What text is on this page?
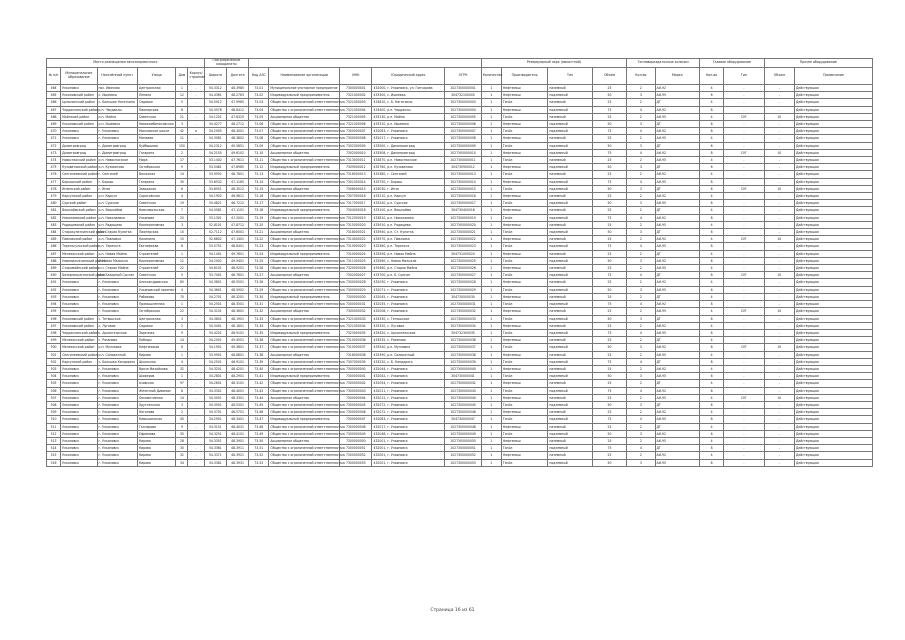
Место размещения автозаправочного						Географические координаты							Резервуарный парк (емкостной)				Топливораздаточные колонки		Газовое оборудование		Прочее оборудование	
№ п/п	Муниципальное образование	Населённый пункт	Улица	Дом	Корпус/строение	Широта	Долгота	Код АЗС	Наименование организации	ИНН	Юридический адрес	ОГРН	Количество	Производитель	Тип	Объем	Кол-во	Марка	Кол-во	Тип	Объем	Примечание
464	Ульяновск	пос. Иваново	Центральная	1	-	54.3312	48.3985	73-01	Муниципальное унитарное предприятие	7300000001	432000, г. Ульяновск, ул. Гончарова	1027300000001	1	Нефтемаш	наземный	25	2	АИ-92	4	-	-	Действующая
465	Ульяновский район	с. Ишеевка	Ленина	12	-	54.4361	48.2763	73-02	Индивидуальный предприниматель	7321000002	433300, с. Ишеевка	304732100000	1	Нефтемаш	подземный	50	3	АИ-95	6	-	-	Действующая
466	Цильнинский район	с. Большое Нагаткино	Садовая	5	-	54.5012	47.9985	73-03	Общество с ограниченной ответственностью	7321000003	433610, с. Б. Нагаткино	1027300000003	1	ТопАз	наземный	25	2	ДТ	4	-	-	Действующая
467	Чердаклинский район	р.п. Чердаклы	Пионерская	8	-	54.3578	48.8412	73-04	Общество с ограниченной ответственностью	7321000004	433400, р.п. Чердаклы	1027300000004	1	Нефтемаш	подземный	75	4	АИ-92	8	-	-	Действующая
468	Майнский район	р.п. Майна	Советская	21	-	54.1201	47.6325	73-05	Акционерное общество	7321000005	433130, р.п. Майна	1027300000005	1	ТопАз	наземный	25	2	АИ-95	4	СУГ	10	Действующая
469	Ульяновский район	р.п. Ишеевка	Новокомбинатовская	3	-	54.4277	48.2712	73-06	Общество с ограниченной ответственностью	7321000006	433310, р.п. Ишеевка	1027300000006	1	Нефтемаш	подземный	50	3	ДТ	6	-	-	Действующая
470	Ульяновск	г. Ульяновск	Московское шоссе	42	а	54.2905	48.3001	73-07	Общество с ограниченной ответственностью	7300000007	432063, г. Ульяновск	1027300000007	1	ТопАз	подземный	75	4	АИ-92	8	-	-	Действующая
471	Ульяновск	г. Ульяновск	Минаева	11	-	54.3081	48.3802	73-08	Общество с ограниченной ответственностью	7300000008	432017, г. Ульяновск	1027300000008	1	Нефтемаш	наземный	25	2	АИ-95	4	-	-	Действующая
472	Димитровград	г. Димитровград	Куйбышева	150	-	54.2312	49.5851	73-09	Общество с ограниченной ответственностью	7302000009	433500, г. Димитровград	1027300000009	1	ТопАз	подземный	50	3	ДТ	6	-	-	Действующая
473	Димитровград	г. Димитровград	Гагарина	2	-	54.2155	49.6102	73-10	Акционерное общество	7302000010	433508, г. Димитровград	1027300000010	1	Нефтемаш	подземный	75	4	АИ-92	8	СУГ	10	Действующая
474	Новоспасский район	р.п. Новоспасское	Мира	17	-	53.1402	47.7611	73-11	Общество с ограниченной ответственностью	7313000011	433870, р.п. Новоспасское	1027300000011	1	ТопАз	наземный	25	2	АИ-95	4	-	-	Действующая
475	Кузоватовский район	р.п. Кузоватово	Октябрьская	9	-	53.5481	47.6985	73-12	Индивидуальный предприниматель	7309000012	433760, р.п. Кузоватово	304730900012	1	Нефтемаш	подземный	50	3	ДТ	6	-	-	Действующая
476	Сенгилеевский район	г. Сенгилей	Волжская	14	-	53.9592	48.7801	73-13	Общество с ограниченной ответственностью	7316000013	433380, г. Сенгилей	1027300000013	1	ТопАз	наземный	25	2	АИ-92	4	-	-	Действующая
477	Барышский район	г. Барыш	Гагарина	30	-	53.6532	47.1185	73-14	Общество с ограниченной ответственностью	7301000014	433750, г. Барыш	1027300000014	1	Нефтемаш	подземный	75	4	АИ-95	8	-	-	Действующая
478	Инзенский район	г. Инза	Заводская	6	-	53.8551	46.3512	73-15	Акционерное общество	7306000015	433030, г. Инза	1027300000015	1	ТопАз	подземный	50	3	ДТ	6	СУГ	10	Действующая
479	Карсунский район	р.п. Карсун	Саратовская	4	-	54.1902	46.9811	73-16	Общество с ограниченной ответственностью	7307000016	433210, р.п. Карсун	1027300000016	1	Нефтемаш	наземный	25	2	АИ-92	4	-	-	Действующая
480	Сурский район	р.п. Сурское	Советская	19	-	54.4821	46.7212	73-17	Общество с ограниченной ответственностью	7317000017	433240, р.п. Сурское	1027300000017	1	ТопАз	подземный	50	3	АИ-95	6	-	-	Действующая
481	Вешкаймский район	р.п. Вешкайма	Комсомольская	7	-	54.0581	47.1101	73-18	Индивидуальный предприниматель	7304000018	433100, р.п. Вешкайма	304730400018	1	Нефтемаш	наземный	25	2	ДТ	4	-	-	Действующая
482	Николаевский район	р.п. Николаевка	Ульянова	25	-	53.1301	47.2001	73-19	Общество с ограниченной ответственностью	7312000019	433810, р.п. Николаевка	1027300000019	1	ТопАз	подземный	75	4	АИ-92	8	-	-	Действующая
483	Радищевский район	р.п. Радищево	Кооперативная	3	-	52.8101	47.8712	73-20	Общество с ограниченной ответственностью	7315000020	433910, р.п. Радищево	1027300000020	1	Нефтемаш	наземный	25	2	АИ-95	4	-	-	Действующая
484	Старокулаткинский район	р.п. Старая Кулатка	Пионерская	10	-	52.7112	47.6001	73-21	Акционерное общество	7318000021	433940, р.п. Ст. Кулатка	1027300000021	1	ТопАз	подземный	50	3	ДТ	6	-	-	Действующая
485	Павловский район	р.п. Павловка	Калинина	15	-	52.6802	47.1401	73-22	Общество с ограниченной ответственностью	7314000022	433970, р.п. Павловка	1027300000022	1	Нефтемаш	наземный	25	2	АИ-92	4	СУГ	10	Действующая
486	Тереньгульский район	р.п. Тереньга	Евстифеева	8	-	53.5751	48.8401	73-23	Общество с ограниченной ответственностью	7319000023	433360, р.п. Тереньга	1027300000023	1	ТопАз	подземный	75	4	АИ-95	8	-	-	Действующая
487	Мелекесский район	р.п. Новая Майна	Строителей	1	-	54.1401	49.7601	73-24	Индивидуальный предприниматель	7310000024	433556, р.п. Новая Майна	304731000024	1	Нефтемаш	наземный	25	2	ДТ	4	-	-	Действующая
488	Новомалыклинский район	с. Новая Малыкла	Кооперативная	12	-	54.2002	49.9401	73-25	Общество с ограниченной ответственностью	7311000025	433560, с. Новая Малыкла	1027300000025	1	ТопАз	подземный	50	3	АИ-92	6	-	-	Действующая
489	Старомайнский район	р.п. Старая Майна	Строителей	22	-	54.6101	48.9201	73-26	Общество с ограниченной ответственностью	7320000026	433460, р.п. Старая Майна	1027300000026	1	Нефтемаш	наземный	25	2	АИ-95	4	-	-	Действующая
490	Базарносызганский район	р.п. Базарный Сызган	Советская	5	-	53.7401	46.7601	73-27	Акционерное общество	7302000027	433700, р.п. Б. Сызган	1027300000027	1	ТопАз	подземный	75	4	ДТ	8	СУГ	10	Действующая
491	Ульяновск	г. Ульяновск	Александровская	60	-	54.3801	48.5501	73-28	Общество с ограниченной ответственностью	7300000028	432030, г. Ульяновск	1027300000028	1	Нефтемаш	наземный	25	2	АИ-92	4	-	-	Действующая
492	Ульяновск	г. Ульяновск	Ульяновский проспект	4	-	54.3601	48.5902	73-29	Общество с ограниченной ответственностью	7300000029	432071, г. Ульяновск	1027300000029	1	ТопАз	подземный	50	3	АИ-95	6	-	-	Действующая
493	Ульяновск	г. Ульяновск	Рябикова	70	-	54.2701	48.3201	73-30	Индивидуальный предприниматель	7300000030	432045, г. Ульяновск	304730000030	1	Нефтемаш	наземный	25	2	ДТ	4	-	-	Действующая
494	Ульяновск	г. Ульяновск	Промышленная	1	-	54.2501	48.3501	73-31	Общество с ограниченной ответственностью	7300000031	432035, г. Ульяновск	1027300000031	1	ТопАз	подземный	75	4	АИ-92	8	-	-	Действующая
495	Ульяновск	г. Ульяновск	Октябрьская	22	-	54.3101	48.3601	73-32	Акционерное общество	7300000032	432008, г. Ульяновск	1027300000032	1	Нефтемаш	наземный	25	2	АИ-95	4	СУГ	10	Действующая
496	Ульяновский район	с. Тетюшское	Центральная	3	-	54.3601	48.1901	73-33	Общество с ограниченной ответственностью	7321000033	433330, с. Тетюшское	1027300000033	1	ТопАз	подземный	50	3	ДТ	6	-	-	Действующая
497	Ульяновский район	с. Луговое	Садовая	2	-	54.3401	48.1601	73-34	Общество с ограниченной ответственностью	7321000034	433320, с. Луговое	1027300000034	1	Нефтемаш	наземный	25	2	АИ-92	4	-	-	Действующая
498	Чердаклинский район	с. Архангельское	Заречная	9	-	54.4201	48.9101	73-35	Индивидуальный предприниматель	7323000035	433420, с. Архангельское	304732300035	1	ТопАз	подземный	75	4	АИ-95	8	-	-	Действующая
499	Мелекесский район	с. Рязаново	Победы	14	-	54.2001	49.4501	73-36	Общество с ограниченной ответственностью	7310000036	433535, с. Рязаново	1027300000036	1	Нефтемаш	наземный	25	2	ДТ	4	-	-	Действующая
500	Мелекесский район	р.п. Мулловка	Нефтяников	6	-	54.1901	49.3801	73-37	Общество с ограниченной ответственностью	7310000037	433540, р.п. Мулловка	1027300000037	1	ТопАз	подземный	50	3	АИ-92	6	СУГ	10	Действующая
501	Сенгилеевский район	р.п. Силикатный	Кирова	1	-	53.9901	48.6801	73-38	Акционерное общество	7316000038	433390, р.п. Силикатный	1027300000038	1	Нефтемаш	наземный	25	2	АИ-95	4	-	-	Действующая
502	Карсунский район	с. Большая Кандарать	Школьная	4	-	54.2501	46.9101	73-39	Общество с ограниченной ответственностью	7307000039	433220, с. Б. Кандарать	1027300000039	1	ТопАз	подземный	75	4	ДТ	8	-	-	Действующая
503	Ульяновск	г. Ульяновск	Врача Михайлова	32	-	54.3201	48.4201	73-40	Общество с ограниченной ответственностью	7300000040	432044, г. Ульяновск	1027300000040	1	Нефтемаш	наземный	25	2	АИ-92	4	-	-	Действующая
504	Ульяновск	г. Ульяновск	Шоферов	1	-	54.2801	48.2901	73-41	Индивидуальный предприниматель	7300000041	432042, г. Ульяновск	304730000041	1	ТопАз	подземный	50	3	АИ-95	6	-	-	Действующая
505	Ульяновск	г. Ульяновск	Азовская	97	-	54.2601	48.3101	73-42	Общество с ограниченной ответственностью	7300000042	432054, г. Ульяновск	1027300000042	1	Нефтемаш	наземный	25	2	ДТ	4	-	-	Действующая
506	Ульяновск	г. Ульяновск	Железной Дивизии	8	-	54.3301	48.4001	73-43	Общество с ограниченной ответственностью	7300000043	432011, г. Ульяновск	1027300000043	1	ТопАз	подземный	75	4	АИ-92	8	-	-	Действующая
507	Ульяновск	г. Ульяновск	Локомотивная	14	-	54.3001	48.3301	73-44	Акционерное общество	7300000044	432012, г. Ульяновск	1027300000044	1	Нефтемаш	наземный	25	2	АИ-95	4	СУГ	10	Действующая
508	Ульяновск	г. Ульяновск	Хрустальная	3	-	54.3501	48.5301	73-45	Общество с ограниченной ответственностью	7300000045	432072, г. Ульяновск	1027300000045	1	ТопАз	подземный	50	3	ДТ	6	-	-	Действующая
509	Ульяновск	г. Ульяновск	Наганова	2	-	54.3701	48.5701	73-46	Общество с ограниченной ответственностью	7300000046	432072, г. Ульяновск	1027300000046	1	Нефтемаш	наземный	25	2	АИ-92	4	-	-	Действующая
510	Ульяновск	г. Ульяновск	Камышинская	45	-	54.2901	48.3401	73-47	Индивидуальный предприниматель	7300000047	432063, г. Ульяновск	304730000047	1	ТопАз	подземный	75	4	АИ-95	8	-	-	Действующая
511	Ульяновск	г. Ульяновск	Гончарова	9	-	54.3151	48.4031	73-48	Общество с ограниченной ответственностью	7300000048	432017, г. Ульяновск	1027300000048	1	Нефтемаш	наземный	25	2	ДТ	4	-	-	Действующая
512	Ульяновск	г. Ульяновск	Ефремова	35	-	54.3251	48.4101	73-49	Общество с ограниченной ответственностью	7300000049	432048, г. Ульяновск	1027300000049	1	ТопАз	подземный	50	3	АИ-92	6	-	-	Действующая
513	Ульяновск	г. Ульяновск	Кирова	28	-	54.3351	48.3901	73-50	Акционерное общество	7300000050	432001, г. Ульяновск	1027300000050	1	Нефтемаш	наземный	25	2	АИ-95	4	-	-	Действующая
514	Ульяновск	г. Ульяновск	Кирова	30	-	54.3361	48.3911	73-51	Общество с ограниченной ответственностью	7300000051	432001, г. Ульяновск	1027300000051	1	ТопАз	подземный	75	4	ДТ	8	-	-	Действующая
515	Ульяновск	г. Ульяновск	Кирова	32	-	54.3371	48.3921	73-52	Общество с ограниченной ответственностью	7300000052	432001, г. Ульяновск	1027300000052	1	Нефтемаш	наземный	25	2	АИ-92	4	-	-	Действующая
516	Ульяновск	г. Ульяновск	Кирова	34	-	54.3381	48.3931	73-53	Общество с ограниченной ответственностью	7300000053	432001, г. Ульяновск	1027300000053	1	ТопАз	подземный	50	3	АИ-95	6	-	-	Действующая
Страница 16 из 61
